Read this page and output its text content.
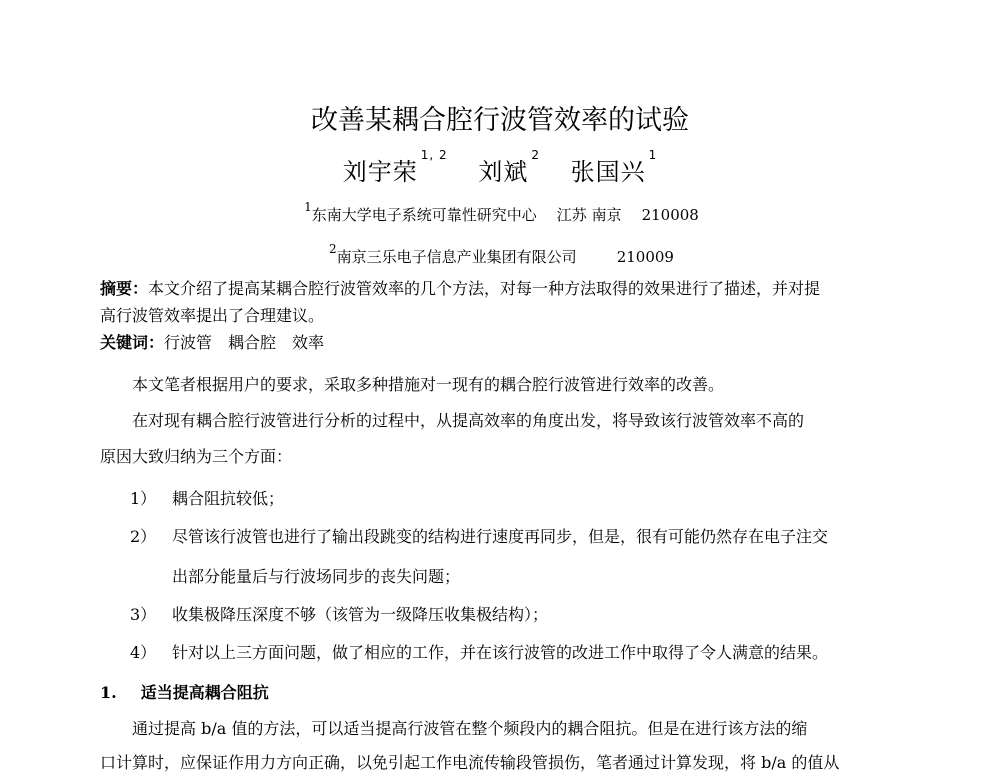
改善某耦合腔行波管效率的试验
刘宇荣$^{1, 2}$ 刘斌$^2$ 张国兴$^1$
$^1$东南大学电子系统可靠性研究中心 江苏 南京 210008
$^2$南京三乐电子信息产业集团有限公司	210009
摘要：本文介绍了提高某耦合腔行波管效率的几个方法，对每一种方法取得的效果进行了描述，并对提
高行波管效率提出了合理建议。
关键词：行波管　耦合腔　效率
本文笔者根据用户的要求，采取多种措施对一现有的耦合腔行波管进行效率的改善。
在对现有耦合腔行波管进行分析的过程中，从提高效率的角度出发，将导致该行波管效率不高的
原因大致归纳为三个方面：
1） 耦合阻抗较低；
2） 尽管该行波管也进行了输出段跳变的结构进行速度再同步，但是，很有可能仍然存在电子注交
出部分能量后与行波场同步的丧失问题；
3） 收集极降压深度不够（该管为一级降压收集极结构）；
4） 针对以上三方面问题，做了相应的工作，并在该行波管的改进工作中取得了令人满意的结果。
1. 适当提高耦合阻抗
通过提高 b/a 值的方法，可以适当提高行波管在整个频段内的耦合阻抗。但是在进行该方法的缩
口计算时，应保证作用力方向正确，以免引起工作电流传输段管损伤，笔者通过计算发现，将 b/a 的值从
